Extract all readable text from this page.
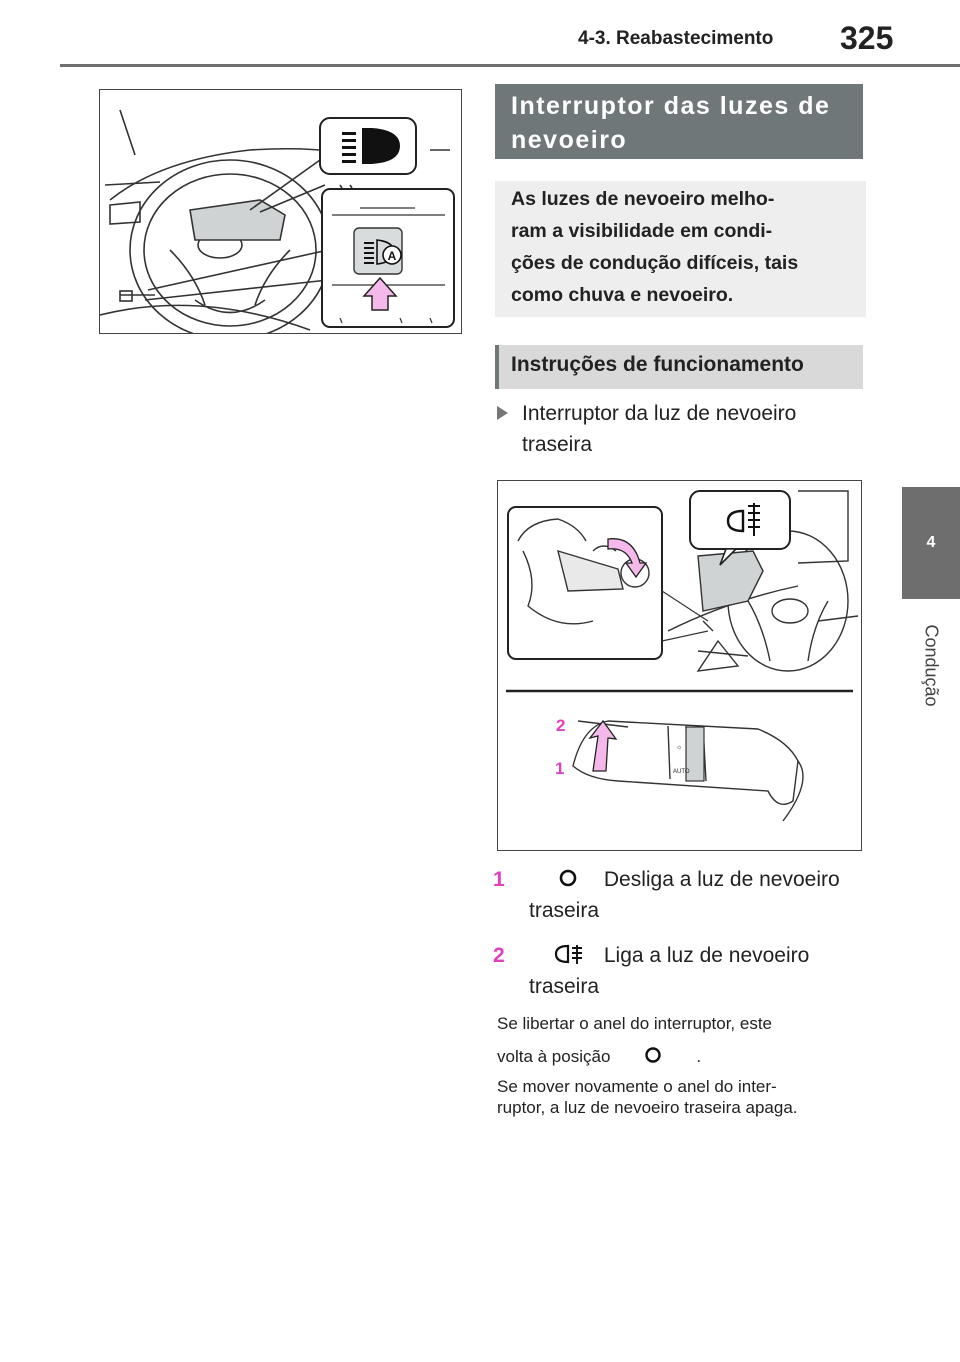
4-3. Reabastecimento 325
4
Condução
A
Interruptor das luzes de nevoeiro
As luzes de nevoeiro melho-
ram a visibilidade em condi-
ções de condução difíceis, tais
como chuva e nevoeiro.
Instruções de funcionamento
Interruptor da luz de nevoeiro
traseira
☼
AUTO
2
1
1	Desliga a luz de nevoeiro
traseira
2	Liga a luz de nevoeiro
traseira
Se libertar o anel do interruptor, este
volta à posição	.
Se mover novamente o anel do inter-
ruptor, a luz de nevoeiro traseira apaga.
